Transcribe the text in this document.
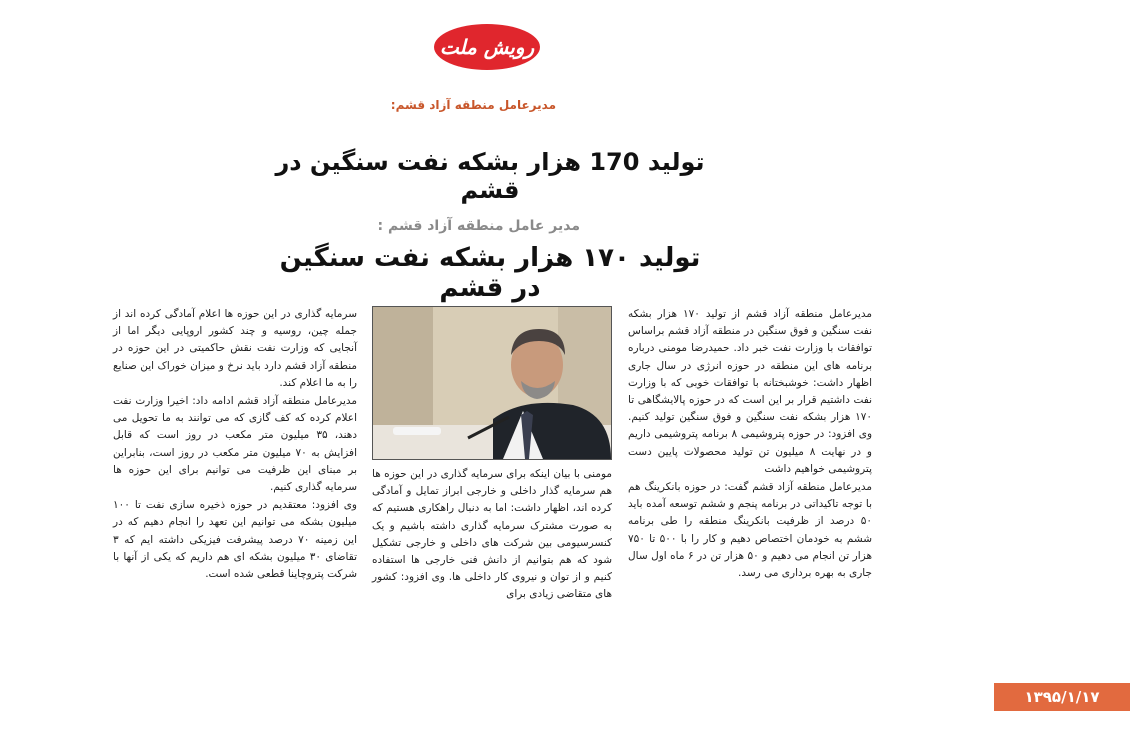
رویش ملت
مدیرعامل منطقه آزاد قشم:
تولید 170 هزار بشکه نفت سنگین در قشم
مدیر عامل منطقه آزاد قشم :
تولید ۱۷۰ هزار بشکه نفت سنگین در قشم

مدیرعامل منطقه آزاد قشم از تولید ۱۷۰ هزار بشکه نفت سنگین و فوق سنگین در منطقه آزاد قشم براساس توافقات با وزارت نفت خبر داد. حمیدرضا مومنی درباره برنامه های این منطقه در حوزه انرژی در سال جاری اظهار داشت: خوشبختانه با توافقات خوبی که با وزارت نفت داشتیم قرار بر این است که در حوزه پالایشگاهی تا ۱۷۰ هزار بشکه نفت سنگین و فوق سنگین تولید کنیم. وی افزود: در حوزه پتروشیمی ۸ برنامه پتروشیمی داریم و در نهایت ۸ میلیون تن تولید محصولات پایین دست پتروشیمی خواهیم داشت

مدیرعامل منطقه آزاد قشم گفت: در حوزه بانکرینگ هم با توجه تاکیداتی در برنامه پنجم و ششم توسعه آمده باید ۵۰ درصد از ظرفیت بانکرینگ منطقه را طی برنامه ششم به خودمان اختصاص دهیم و کار را با ۵۰۰ تا ۷۵۰ هزار تن انجام می دهیم و ۵۰ هزار تن در ۶ ماه اول سال جاری به بهره برداری می رسد.

مومنی با بیان اینکه برای سرمایه گذاری در این حوزه ها هم سرمایه گذار داخلی و خارجی ابراز تمایل و آمادگی کرده اند، اظهار داشت: اما به دنبال راهکاری هستیم که به صورت مشترک سرمایه گذاری داشته باشیم و یک کنسرسیومی بین شرکت های داخلی و خارجی تشکیل شود که هم بتوانیم از دانش فنی خارجی ها استفاده کنیم و از توان و نیروی کار داخلی ها. وی افزود: کشور های متقاضی زیادی برای

سرمایه گذاری در این حوزه ها اعلام آمادگی کرده اند از جمله چین، روسیه و چند کشور اروپایی دیگر اما از آنجایی که وزارت نفت نقش حاکمیتی در این حوزه در منطقه آزاد قشم دارد باید نرخ و میزان خوراک این صنایع را به ما اعلام کند.

مدیرعامل منطقه آزاد قشم ادامه داد: اخیرا وزارت نفت اعلام کرده که کف گازی که می توانند به ما تحویل می دهند، ۳۵ میلیون متر مکعب در روز است که قابل افزایش به ۷۰ میلیون متر مکعب در روز است، بنابراین بر مبنای این ظرفیت می توانیم برای این حوزه ها سرمایه گذاری کنیم.

وی افزود: معتقدیم در حوزه ذخیره سازی نفت تا ۱۰۰ میلیون بشکه می توانیم این تعهد را انجام دهیم که در این زمینه ۷۰ درصد پیشرفت فیزیکی داشته ایم که ۳ تقاضای ۳۰ میلیون بشکه ای هم داریم که یکی از آنها با شرکت پتروچاینا قطعی شده است.

۱۳۹۵/۱/۱۷
